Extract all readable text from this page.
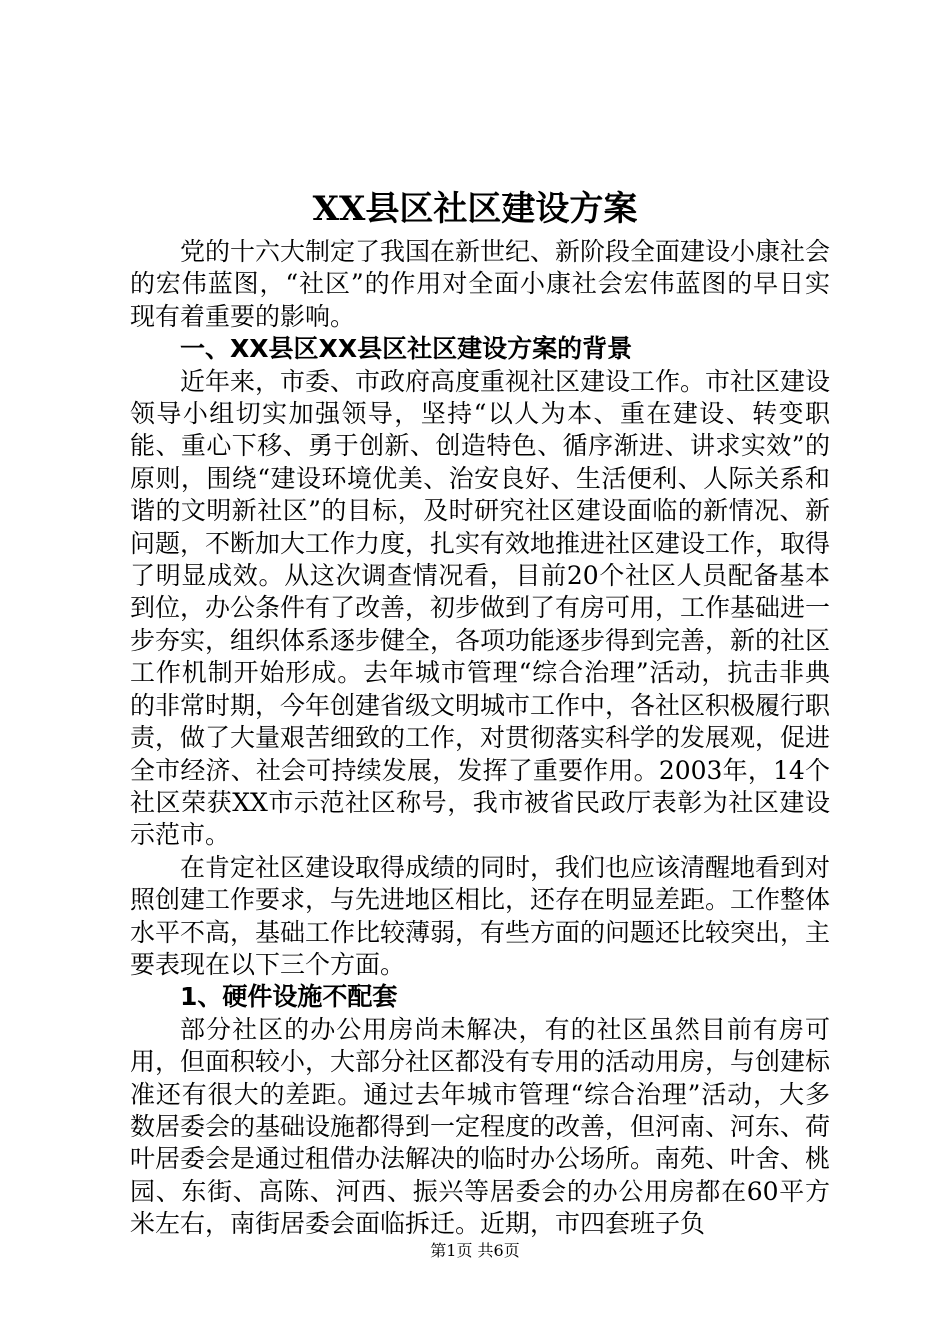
XX县区社区建设方案

党的十六大制定了我国在新世纪、新阶段全面建设小康社会的宏伟蓝图，“社区”的作用对全面小康社会宏伟蓝图的早日实现有着重要的影响。

一、XX县区XX县区社区建设方案的背景

近年来，市委、市政府高度重视社区建设工作。市社区建设领导小组切实加强领导，坚持“以人为本、重在建设、转变职能、重心下移、勇于创新、创造特色、循序渐进、讲求实效”的原则，围绕“建设环境优美、治安良好、生活便利、人际关系和谐的文明新社区”的目标，及时研究社区建设面临的新情况、新问题，不断加大工作力度，扎实有效地推进社区建设工作，取得了明显成效。从这次调查情况看，目前20个社区人员配备基本到位，办公条件有了改善，初步做到了有房可用，工作基础进一步夯实，组织体系逐步健全，各项功能逐步得到完善，新的社区工作机制开始形成。去年城市管理“综合治理”活动，抗击非典的非常时期，今年创建省级文明城市工作中，各社区积极履行职责，做了大量艰苦细致的工作，对贯彻落实科学的发展观，促进全市经济、社会可持续发展，发挥了重要作用。2003年，14个社区荣获XX市示范社区称号，我市被省民政厅表彰为社区建设示范市。

在肯定社区建设取得成绩的同时，我们也应该清醒地看到对照创建工作要求，与先进地区相比，还存在明显差距。工作整体水平不高，基础工作比较薄弱，有些方面的问题还比较突出，主要表现在以下三个方面。

1、硬件设施不配套

部分社区的办公用房尚未解决，有的社区虽然目前有房可用，但面积较小，大部分社区都没有专用的活动用房，与创建标准还有很大的差距。通过去年城市管理“综合治理”活动，大多数居委会的基础设施都得到一定程度的改善，但河南、河东、荷叶居委会是通过租借办法解决的临时办公场所。南苑、叶舍、桃园、东街、高陈、河西、振兴等居委会的办公用房都在60平方米左右，南街居委会面临拆迁。近期，市四套班子负

第1页 共6页
